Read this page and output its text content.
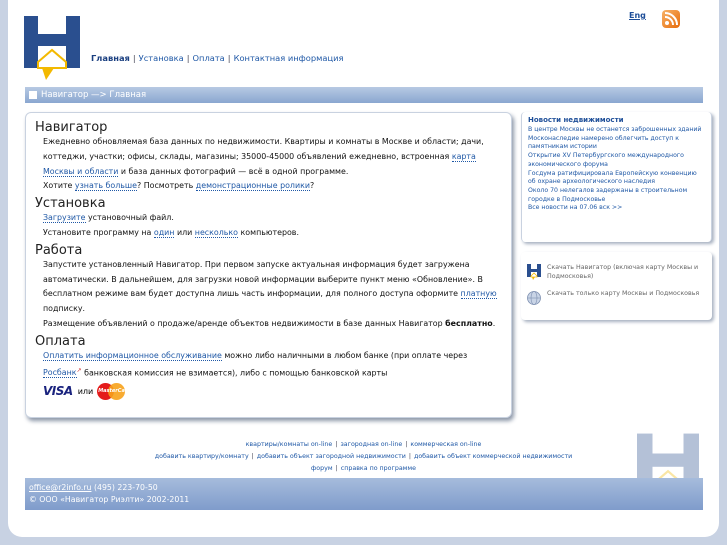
Главная | Установка | Оплата | Контактная информация
Eng
Навигатор —> Главная
Навигатор

Ежедневно обновляемая база данных по недвижимости. Квартиры и комнаты в Москве и области; дачи, коттеджи, участки; офисы, склады, магазины; 35000-45000 объявлений ежедневно, встроенная карта Москвы и области и база данных фотографий — всё в одной программе.

Хотите узнать больше? Посмотреть демонстрационные ролики?

Установка

Загрузите установочный файл.

Установите программу на один или несколько компьютеров.

Работа

Запустите установленный Навигатор. При первом запуске актуальная информация будет загружена автоматически. В дальнейшем, для загрузки новой информации выберите пункт меню «Обновление». В бесплатном режиме вам будет доступна лишь часть информации, для полного доступа оформите платную подписку.

Размещение объявлений о продаже/аренде объектов недвижимости в базе данных Навигатор бесплатно.

Оплата

Оплатить информационное обслуживание можно либо наличными в любом банке (при оплате через Росбанк↗ банковская комиссия не взимается), либо с помощью банковской карты

VISA или MasterCard
Новости недвижимости
В центре Москвы не останется заброшенных зданий
Москонаследие намерено облегчить доступ к памятникам истории
Открытие XV Петербургского международного экономического форума
Госдума ратифицировала Европейскую конвенцию об охране археологического наследия
Около 70 нелегалов задержаны в строительном городке в Подмосковье
Все новости на 07.06 вск >>
Скачать Навигатор (включая карту Москвы и Подмосковья)
Скачать только карту Москвы и Подмосковья
квартиры/комнаты on-line | загородная on-line | коммерческая on-line
добавить квартиру/комнату | добавить объект загородной недвижимости | добавить объект коммерческой недвижимости
форум | справка по программе
office@r2info.ru (495) 223-70-50
© ООО «Навигатор Риэлти» 2002-2011
